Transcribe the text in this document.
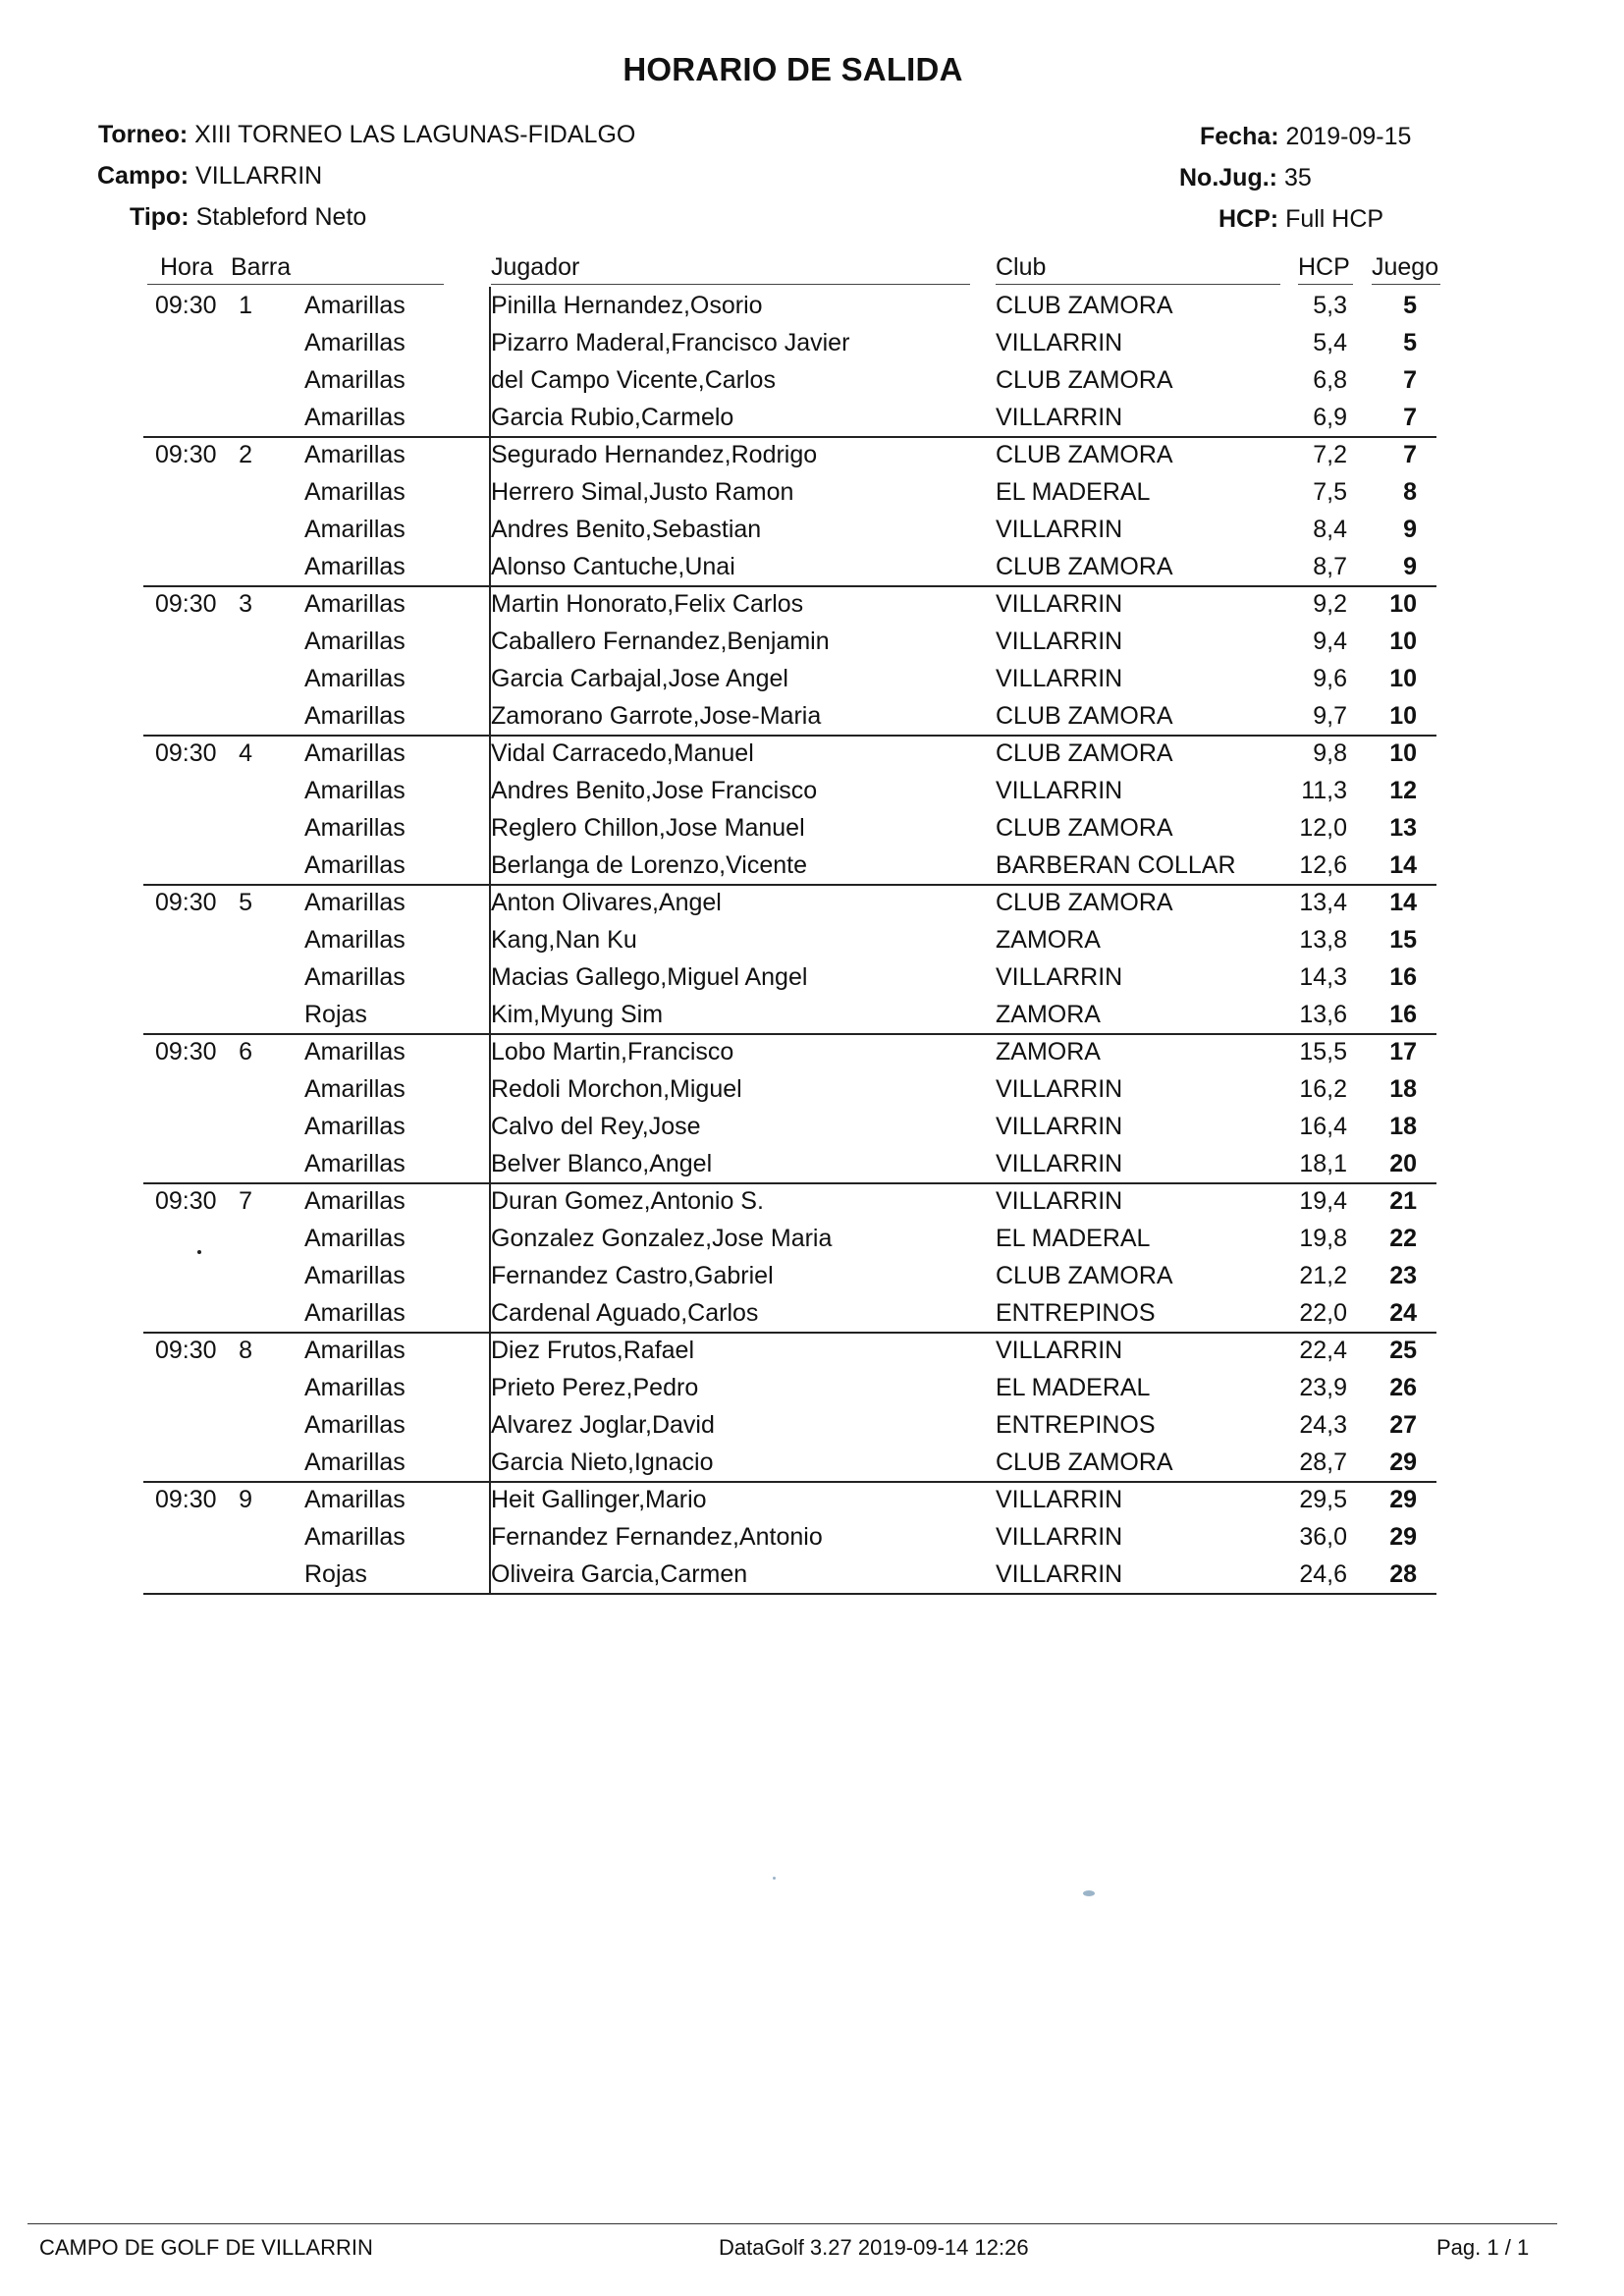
HORARIO DE SALIDA
Torneo: XIII TORNEO LAS LAGUNAS-FIDALGO
Campo: VILLARRIN
Tipo: Stableford Neto
Fecha: 2019-09-15
No.Jug.: 35
HCP: Full HCP
Hora Barra	Jugador	Club	HCP Juego
09:30 1 Amarillas	Pinilla Hernandez,Osorio	CLUB ZAMORA	5,3	5
Amarillas	Pizarro Maderal,Francisco Javier	VILLARRIN	5,4	5
Amarillas	del Campo Vicente,Carlos	CLUB ZAMORA	6,8	7
Amarillas	Garcia Rubio,Carmelo	VILLARRIN	6,9	7
09:30 2 Amarillas	Segurado Hernandez,Rodrigo	CLUB ZAMORA	7,2	7
Amarillas	Herrero Simal,Justo Ramon	EL MADERAL	7,5	8
Amarillas	Andres Benito,Sebastian	VILLARRIN	8,4	9
Amarillas	Alonso Cantuche,Unai	CLUB ZAMORA	8,7	9
09:30 3 Amarillas	Martin Honorato,Felix Carlos	VILLARRIN	9,2	10
Amarillas	Caballero Fernandez,Benjamin	VILLARRIN	9,4	10
Amarillas	Garcia Carbajal,Jose Angel	VILLARRIN	9,6	10
Amarillas	Zamorano Garrote,Jose-Maria	CLUB ZAMORA	9,7	10
09:30 4 Amarillas	Vidal Carracedo,Manuel	CLUB ZAMORA	9,8	10
Amarillas	Andres Benito,Jose Francisco	VILLARRIN	11,3	12
Amarillas	Reglero Chillon,Jose Manuel	CLUB ZAMORA	12,0	13
Amarillas	Berlanga de Lorenzo,Vicente	BARBERAN COLLAR	12,6	14
09:30 5 Amarillas	Anton Olivares,Angel	CLUB ZAMORA	13,4	14
Amarillas	Kang,Nan Ku	ZAMORA	13,8	15
Amarillas	Macias Gallego,Miguel Angel	VILLARRIN	14,3	16
Rojas	Kim,Myung Sim	ZAMORA	13,6	16
09:30 6 Amarillas	Lobo Martin,Francisco	ZAMORA	15,5	17
Amarillas	Redoli Morchon,Miguel	VILLARRIN	16,2	18
Amarillas	Calvo del Rey,Jose	VILLARRIN	16,4	18
Amarillas	Belver Blanco,Angel	VILLARRIN	18,1	20
09:30 7 Amarillas	Duran Gomez,Antonio S.	VILLARRIN	19,4	21
Amarillas	Gonzalez Gonzalez,Jose Maria	EL MADERAL	19,8	22
Amarillas	Fernandez Castro,Gabriel	CLUB ZAMORA	21,2	23
Amarillas	Cardenal Aguado,Carlos	ENTREPINOS	22,0	24
09:30 8 Amarillas	Diez Frutos,Rafael	VILLARRIN	22,4	25
Amarillas	Prieto Perez,Pedro	EL MADERAL	23,9	26
Amarillas	Alvarez Joglar,David	ENTREPINOS	24,3	27
Amarillas	Garcia Nieto,Ignacio	CLUB ZAMORA	28,7	29
09:30 9 Amarillas	Heit Gallinger,Mario	VILLARRIN	29,5	29
Amarillas	Fernandez Fernandez,Antonio	VILLARRIN	36,0	29
Rojas	Oliveira Garcia,Carmen	VILLARRIN	24,6	28
CAMPO DE GOLF DE VILLARRIN	DataGolf 3.27 2019-09-14 12:26	Pag. 1 / 1
